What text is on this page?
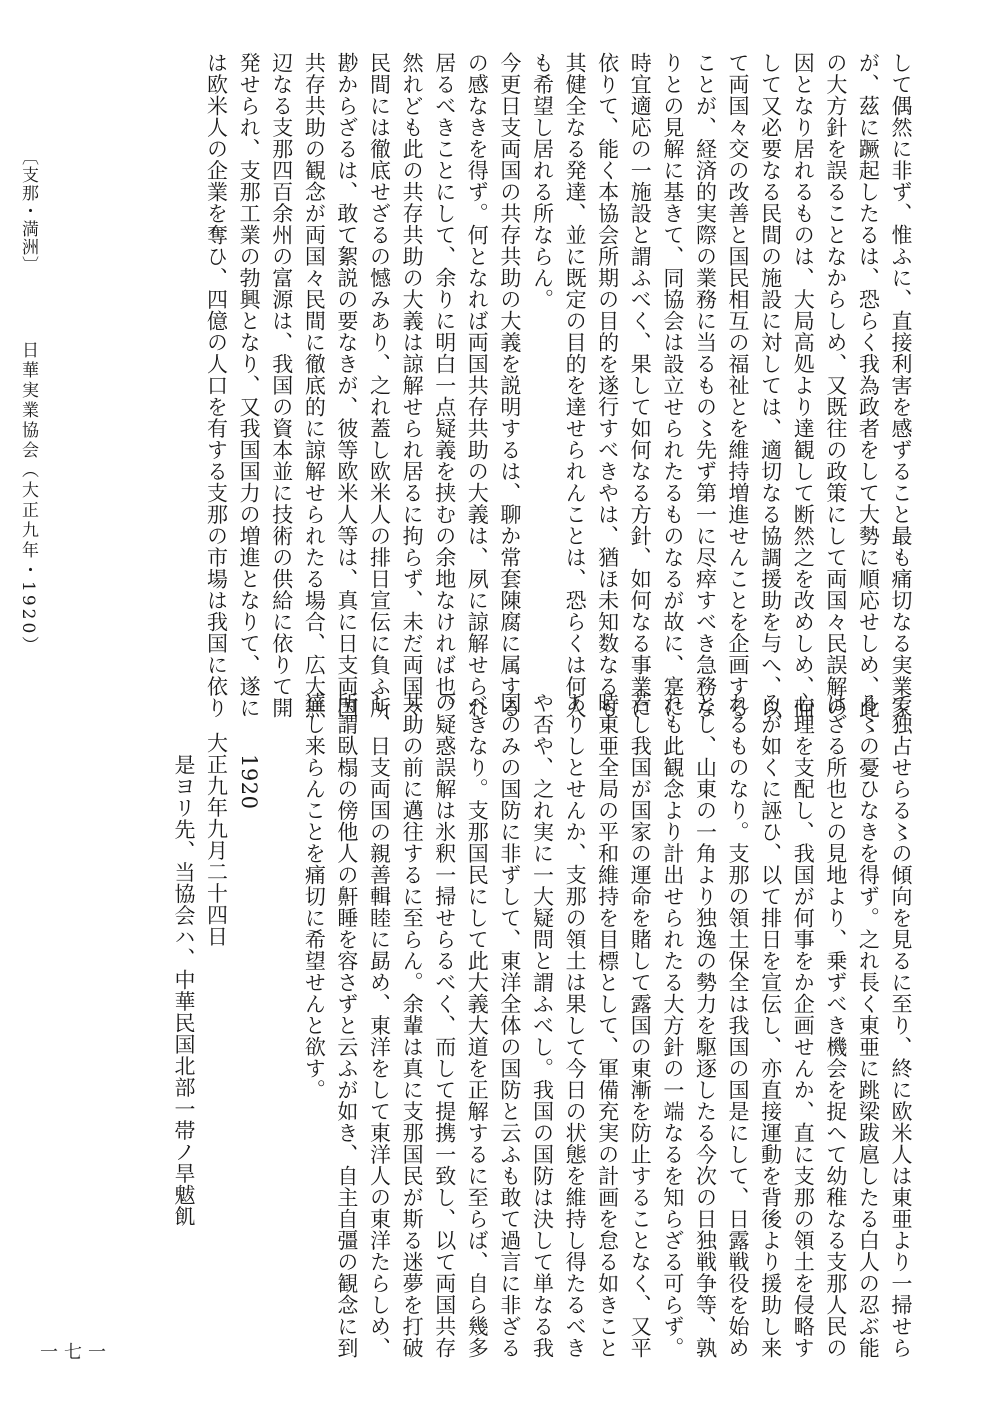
して偶然に非ず、惟ふに、直接利害を感ずること最も痛切なる実業家

が、茲に蹶起したるは、恐らく我為政者をして大勢に順応せしめ、此

の大方針を誤ることなからしめ、又既往の政策にして両国々民誤解の

因となり居れるものは、大局高処より達観して断然之を改めしめ、而

して又必要なる民間の施設に対しては、適切なる協調援助を与へ、以

て両国々交の改善と国民相互の福祉とを維持増進せんことを企画する

ことが、経済的実際の業務に当るもの〻先ず第一に尽瘁すべき急務な

りとの見解に基きて、同協会は設立せられたるものなるが故に、寔に

時宜適応の一施設と謂ふべく、果して如何なる方針、如何なる事業に

依りて、能く本協会所期の目的を遂行すべきやは、猶ほ未知数なるも

其健全なる発達、並に既定の目的を達せられんことは、恐らくは何人

も希望し居れる所ならん。

今更日支両国の共存共助の大義を説明するは、聊か常套陳腐に属する

の感なきを得ず。何となれば両国共存共助の大義は、夙に諒解せられ

居るべきことにして、余りに明白一点疑義を挟むの余地なければ也。

然れども此の共存共助の大義は諒解せられ居るに拘らず、未だ両国々

民間には徹底せざるの憾みあり、之れ蓋し欧米人の排日宣伝に負ふ所

尠からざるは、敢て絮説の要なきが、彼等欧米人等は、真に日支両国

共存共助の観念が両国々民間に徹底的に諒解せられたる場合、広大無

辺なる支那四百余州の富源は、我国の資本並に技術の供給に依りて開

発せられ、支那工業の勃興となり、又我国国力の増進となりて、遂に

は欧米人の企業を奪ひ、四億の人口を有する支那の市場は我国に依り

て独占せらる〻の傾向を見るに至り、終に欧米人は東亜より一掃せら

る〻の憂ひなきを得ず。之れ長く東亜に跳梁跋扈したる白人の忍ぶ能

はざる所也との見地より、乗ずべき機会を捉へて幼稚なる支那人民の

心理を支配し、我国が何事をか企画せんか、直に支那の領土を侵略す

るが如くに誣ひ、以て排日を宣伝し、亦直接運動を背後より援助し来

れるものなり。支那の領土保全は我国の国是にして、日露戦役を始め

とし、山東の一角より独逸の勢力を駆逐したる今次の日独戦争等、孰

れも此観念より計出せられたる大方針の一端なるを知らざる可らず。

若し我国が国家の運命を賭して露国の東漸を防止することなく、又平

時東亜全局の平和維持を目標として、軍備充実の計画を怠る如きこと

ありしとせんか、支那の領土は果して今日の状態を維持し得たるべき

や否や、之れ実に一大疑問と謂ふべし。我国の国防は決して単なる我

国のみの国防に非ずして、東洋全体の国防と云ふも敢て過言に非ざる

べきなり。支那国民にして此大義大道を正解するに至らば、自ら幾多

の疑惑誤解は氷釈一掃せらるべく、而して提携一致し、以て両国共存

共助の前に邁往するに至らん。余輩は真に支那国民が斯る迷夢を打破

し、日支両国の親善輯睦に勗め、東洋をして東洋人の東洋たらしめ、

所謂臥榻の傍他人の鼾睡を容さずと云ふが如き、自主自彊の観念に到

達し来らんことを痛切に希望せんと欲す。

1920

大正九年九月二十四日

是ヨリ先、当協会ハ、中華民国北部一帯ノ旱魃飢

〔支那・満洲〕 日華実業協会（大正九年・1920）
一七一
